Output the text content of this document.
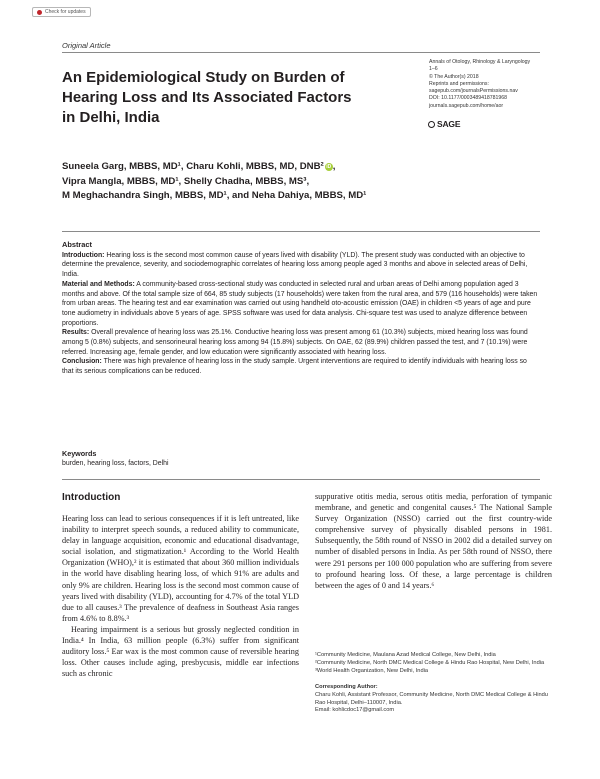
Check for updates
Original Article
An Epidemiological Study on Burden of
Hearing Loss and Its Associated Factors
in Delhi, India
Annals of Otology, Rhinology & Laryngology
1–6
© The Author(s) 2018
Reprints and permissions:
sagepub.com/journalsPermissions.nav
DOI: 10.1177/0003489418781968
journals.sagepub.com/home/aor
SAGE
Suneela Garg, MBBS, MD¹, Charu Kohli, MBBS, MD, DNB² iD ,
Vipra Mangla, MBBS, MD¹, Shelly Chadha, MBBS, MS³,
M Meghachandra Singh, MBBS, MD¹, and Neha Dahiya, MBBS, MD¹
Abstract

Introduction: Hearing loss is the second most common cause of years lived with disability (YLD). The present study was conducted with an objective to determine the prevalence, severity, and sociodemographic correlates of hearing loss among people aged 3 months and above in selected areas of Delhi, India.

Material and Methods: A community-based cross-sectional study was conducted in selected rural and urban areas of Delhi among population aged 3 months and above. Of the total sample size of 664, 85 study subjects (17 households) were taken from the rural area, and 579 (116 households) were taken from urban areas. The hearing test and ear examination was carried out using handheld oto-acoustic emission (OAE) in children <5 years of age and pure tone audiometry in individuals above 5 years of age. SPSS software was used for data analysis. Chi-square test was used to analyze difference between proportions.

Results: Overall prevalence of hearing loss was 25.1%. Conductive hearing loss was present among 61 (10.3%) subjects, mixed hearing loss was found among 5 (0.8%) subjects, and sensorineural hearing loss among 94 (15.8%) subjects. On OAE, 62 (89.9%) children passed the test, and 7 (10.1%) were referred. Increasing age, female gender, and low education were significantly associated with hearing loss.

Conclusion: There was high prevalence of hearing loss in the study sample. Urgent interventions are required to identify individuals with hearing loss so that its serious complications can be reduced.

Keywords
burden, hearing loss, factors, Delhi
Introduction

Hearing loss can lead to serious consequences if it is left untreated, like inability to interpret speech sounds, a reduced ability to communicate, delay in language acquisition, economic and educational disadvantage, social isolation, and stigmatization.¹ According to the World Health Organization (WHO),² it is estimated that about 360 million individuals in the world have disabling hearing loss, of which 91% are adults and only 9% are children. Hearing loss is the second most common cause of years lived with disability (YLD), accounting for 4.7% of the total YLD due to all causes.³ The prevalence of deafness in Southeast Asia ranges from 4.6% to 8.8%.³

Hearing impairment is a serious but grossly neglected condition in India.⁴ In India, 63 million people (6.3%) suffer from significant auditory loss.⁵ Ear wax is the most common cause of reversible hearing loss. Other causes include aging, presbycusis, middle ear infections such as chronic

suppurative otitis media, serous otitis media, perforation of tympanic membrane, and genetic and congenital causes.⁵ The National Sample Survey Organization (NSSO) carried out the first country-wide comprehensive survey of physically disabled persons in 1981. Subsequently, the 58th round of NSSO in 2002 did a detailed survey on number of disabled persons in India. As per 58th round of NSSO, there were 291 persons per 100 000 population who are suffering from severe to profound hearing loss. Of these, a large percentage is children between the ages of 0 and 14 years.⁶

¹Community Medicine, Maulana Azad Medical College, New Delhi, India
²Community Medicine, North DMC Medical College & Hindu Rao Hospital, New Delhi, India
³World Health Organization, New Delhi, India
Corresponding Author:
Charu Kohli, Assistant Professor, Community Medicine, North DMC Medical College & Hindu Rao Hospital, Delhi–110007, India.
Email: kohlicdoc17@gmail.com
